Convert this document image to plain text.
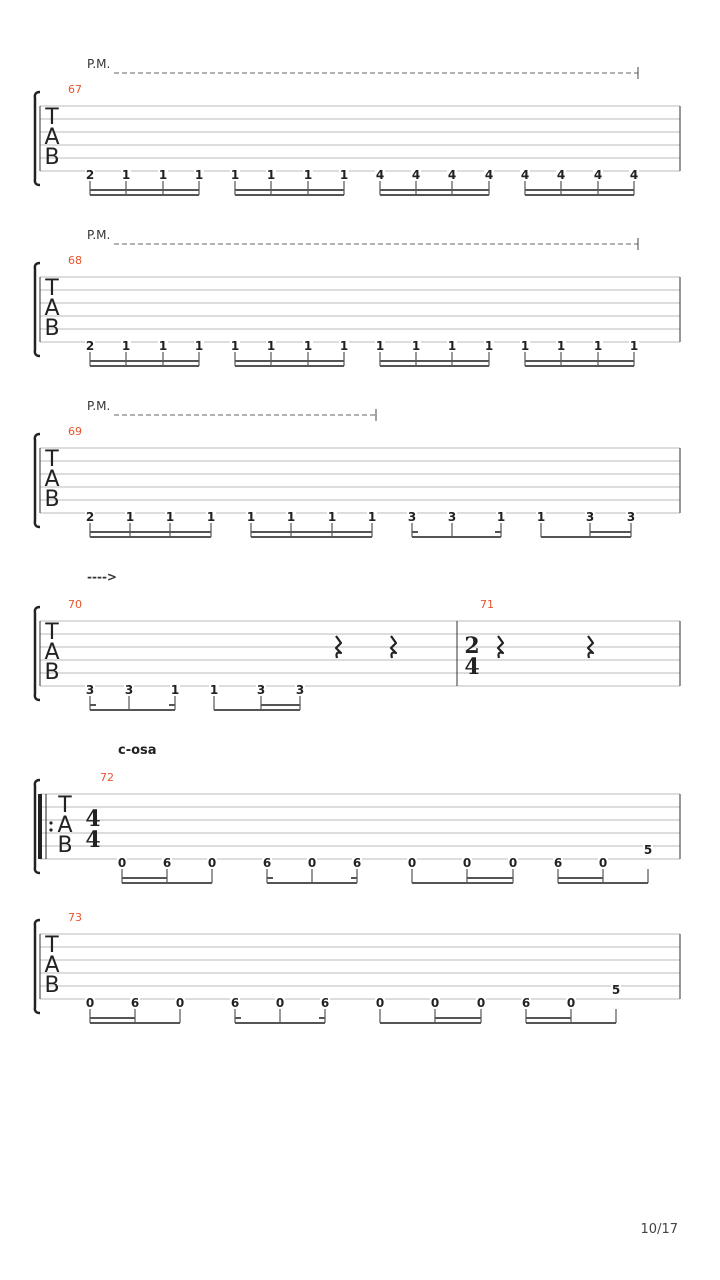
T
A
B
P.M.
67
2 1 1 1 1 1 1 1 4 4 4 4 4 4 4 4
T
A
B
P.M.
68
2 1 1 1 1 1 1 1 1 1 1 1 1 1 1 1
T
A
B
P.M.
69
2	1	1	1	1	1	1	1	3	3	1	1	3	3
T
A
B
---->
70
3	3	1	1	3	3
71
2
4
T
A
B
c-osa
72
4
4
0	6	0	6	0	6	0	0	0	6	0
5
T
A
B
73
0	6	0	6	0	6	0	0	0	6	0
5
10/17
